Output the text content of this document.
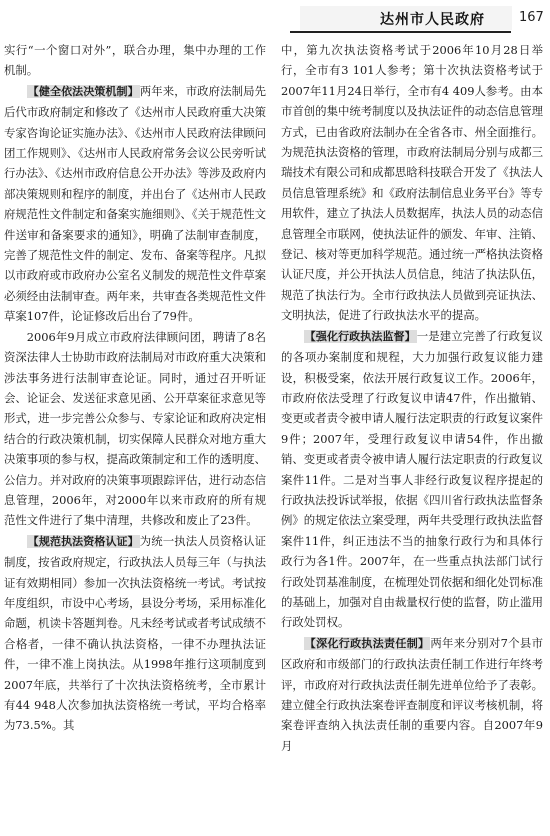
达州市人民政府	167

实行“一个窗口对外”，联合办理，集中办理的工作机制。

【健全依法决策机制】两年来，市政府法制局先后代市政府制定和修改了《达州市人民政府重大决策专家咨询论证实施办法》、《达州市人民政府法律顾问团工作规则》、《达州市人民政府常务会议公民旁听试行办法》、《达州市政府信息公开办法》等涉及政府内部决策规则和程序的制度，并出台了《达州市人民政府规范性文件制定和备案实施细则》、《关于规范性文件送审和备案要求的通知》，明确了法制审查制度，完善了规范性文件的制定、发布、备案等程序。凡拟以市政府或市政府办公室名义制发的规范性文件草案必须经由法制审查。两年来，共审查各类规范性文件草案107件，论证修改后出台了79件。

2006年9月成立市政府法律顾问团，聘请了8名资深法律人士协助市政府法制局对市政府重大决策和涉法事务进行法制审查论证。同时，通过召开听证会、论证会、发送征求意见函、公开草案征求意见等形式，进一步完善公众参与、专家论证和政府决定相结合的行政决策机制，切实保障人民群众对地方重大决策事项的参与权，提高政策制定和工作的透明度、公信力。并对政府的决策事项跟踪评估，进行动态信息管理，2006年，对2000年以来市政府的所有规范性文件进行了集中清理，共修改和废止了23件。

【规范执法资格认证】为统一执法人员资格认证制度，按省政府规定，行政执法人员每三年（与执法证有效期相同）参加一次执法资格统一考试。考试按年度组织，市设中心考场，县设分考场，采用标准化命题，机读卡答题判卷。凡未经考试或者考试成绩不合格者，一律不确认执法资格，一律不办理执法证件，一律不准上岗执法。从1998年推行这项制度到2007年底，共举行了十次执法资格统考，全市累计有44 948人次参加执法资格统一考试，平均合格率为73.5%。其

中，第九次执法资格考试于2006年10月28日举行，全市有3 101人参考；第十次执法资格考试于2007年11月24日举行，全市有4 409人参考。由本市首创的集中统考制度以及执法证件的动态信息管理方式，已由省政府法制办在全省各市、州全面推行。为规范执法资格的管理，市政府法制局分别与成都三瑞技术有限公司和成都思晗科技联合开发了《执法人员信息管理系统》和《政府法制信息业务平台》等专用软件，建立了执法人员数据库，执法人员的动态信息管理全市联网，使执法证件的颁发、年审、注销、登记、核对等更加科学规范。通过统一严格执法资格认证尺度，并公开执法人员信息，纯洁了执法队伍，规范了执法行为。全市行政执法人员做到亮证执法、文明执法，促进了行政执法水平的提高。

【强化行政执法监督】一是建立完善了行政复议的各项办案制度和规程，大力加强行政复议能力建设，积极受案，依法开展行政复议工作。2006年，市政府依法受理了行政复议申请47件，作出撤销、变更或者责令被申请人履行法定职责的行政复议案件9件；2007年，受理行政复议申请54件，作出撤销、变更或者责令被申请人履行法定职责的行政复议案件11件。二是对当事人非经行政复议程序提起的行政执法投诉试举报，依据《四川省行政执法监督条例》的规定依法立案受理，两年共受理行政执法监督案件11件，纠正违法不当的抽象行政行为和具体行政行为各1件。2007年，在一些重点执法部门试行行政处罚基准制度，在梳理处罚依据和细化处罚标准的基础上，加强对自由裁量权行使的监督，防止滥用行政处罚权。

【深化行政执法责任制】两年来分别对7个县市区政府和市级部门的行政执法责任制工作进行年终考评，市政府对行政执法责任制先进单位给予了表彰。建立健全行政执法案卷评查制度和评议考核机制，将案卷评查纳入执法责任制的重要内容。自2007年9月
